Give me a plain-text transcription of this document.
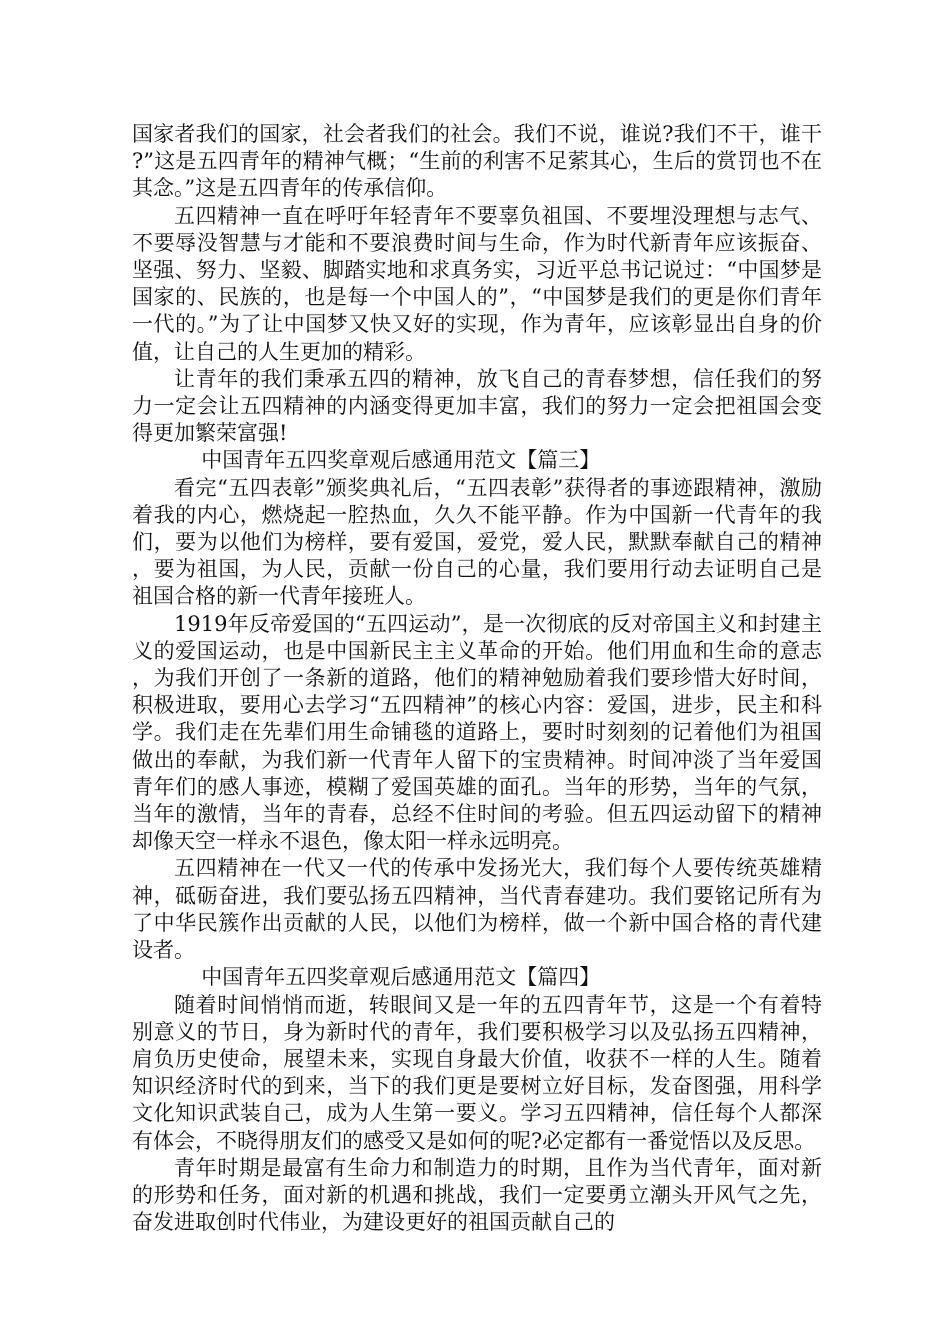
国家者我们的国家，社会者我们的社会。我们不说，谁说?我们不干，谁干?”这是五四青年的精神气概；“生前的利害不足萦其心，生后的赏罚也不在其念。”这是五四青年的传承信仰。

五四精神一直在呼吁年轻青年不要辜负祖国、不要埋没理想与志气、不要辱没智慧与才能和不要浪费时间与生命，作为时代新青年应该振奋、坚强、努力、坚毅、脚踏实地和求真务实，习近平总书记说过：“中国梦是国家的、民族的，也是每一个中国人的”，“中国梦是我们的更是你们青年一代的。”为了让中国梦又快又好的实现，作为青年，应该彰显出自身的价值，让自己的人生更加的精彩。

让青年的我们秉承五四的精神，放飞自己的青春梦想，信任我们的努力一定会让五四精神的内涵变得更加丰富，我们的努力一定会把祖国会变得更加繁荣富强!

中国青年五四奖章观后感通用范文【篇三】

看完“五四表彰”颁奖典礼后，“五四表彰”获得者的事迹跟精神，激励着我的内心，燃烧起一腔热血，久久不能平静。作为中国新一代青年的我们，要为以他们为榜样，要有爱国，爱党，爱人民，默默奉献自己的精神，要为祖国，为人民，贡献一份自己的心量，我们要用行动去证明自己是祖国合格的新一代青年接班人。

1919年反帝爱国的“五四运动”，是一次彻底的反对帝国主义和封建主义的爱国运动，也是中国新民主主义革命的开始。他们用血和生命的意志，为我们开创了一条新的道路，他们的精神勉励着我们要珍惜大好时间，积极进取，要用心去学习“五四精神”的核心内容：爱国，进步，民主和科学。我们走在先辈们用生命铺毯的道路上，要时时刻刻的记着他们为祖国做出的奉献，为我们新一代青年人留下的宝贵精神。时间冲淡了当年爱国青年们的感人事迹，模糊了爱国英雄的面孔。当年的形势，当年的气氛，当年的激情，当年的青春，总经不住时间的考验。但五四运动留下的精神却像天空一样永不退色，像太阳一样永远明亮。

五四精神在一代又一代的传承中发扬光大，我们每个人要传统英雄精神，砥砺奋进，我们要弘扬五四精神，当代青春建功。我们要铭记所有为了中华民簇作出贡献的人民，以他们为榜样，做一个新中国合格的青代建设者。

中国青年五四奖章观后感通用范文【篇四】

随着时间悄悄而逝，转眼间又是一年的五四青年节，这是一个有着特别意义的节日，身为新时代的青年，我们要积极学习以及弘扬五四精神，肩负历史使命，展望未来，实现自身最大价值，收获不一样的人生。随着知识经济时代的到来，当下的我们更是要树立好目标，发奋图强，用科学文化知识武装自己，成为人生第一要义。学习五四精神，信任每个人都深有体会，不晓得朋友们的感受又是如何的呢?必定都有一番觉悟以及反思。

青年时期是最富有生命力和制造力的时期，且作为当代青年，面对新的形势和任务，面对新的机遇和挑战，我们一定要勇立潮头开风气之先，奋发进取创时代伟业，为建设更好的祖国贡献自己的
